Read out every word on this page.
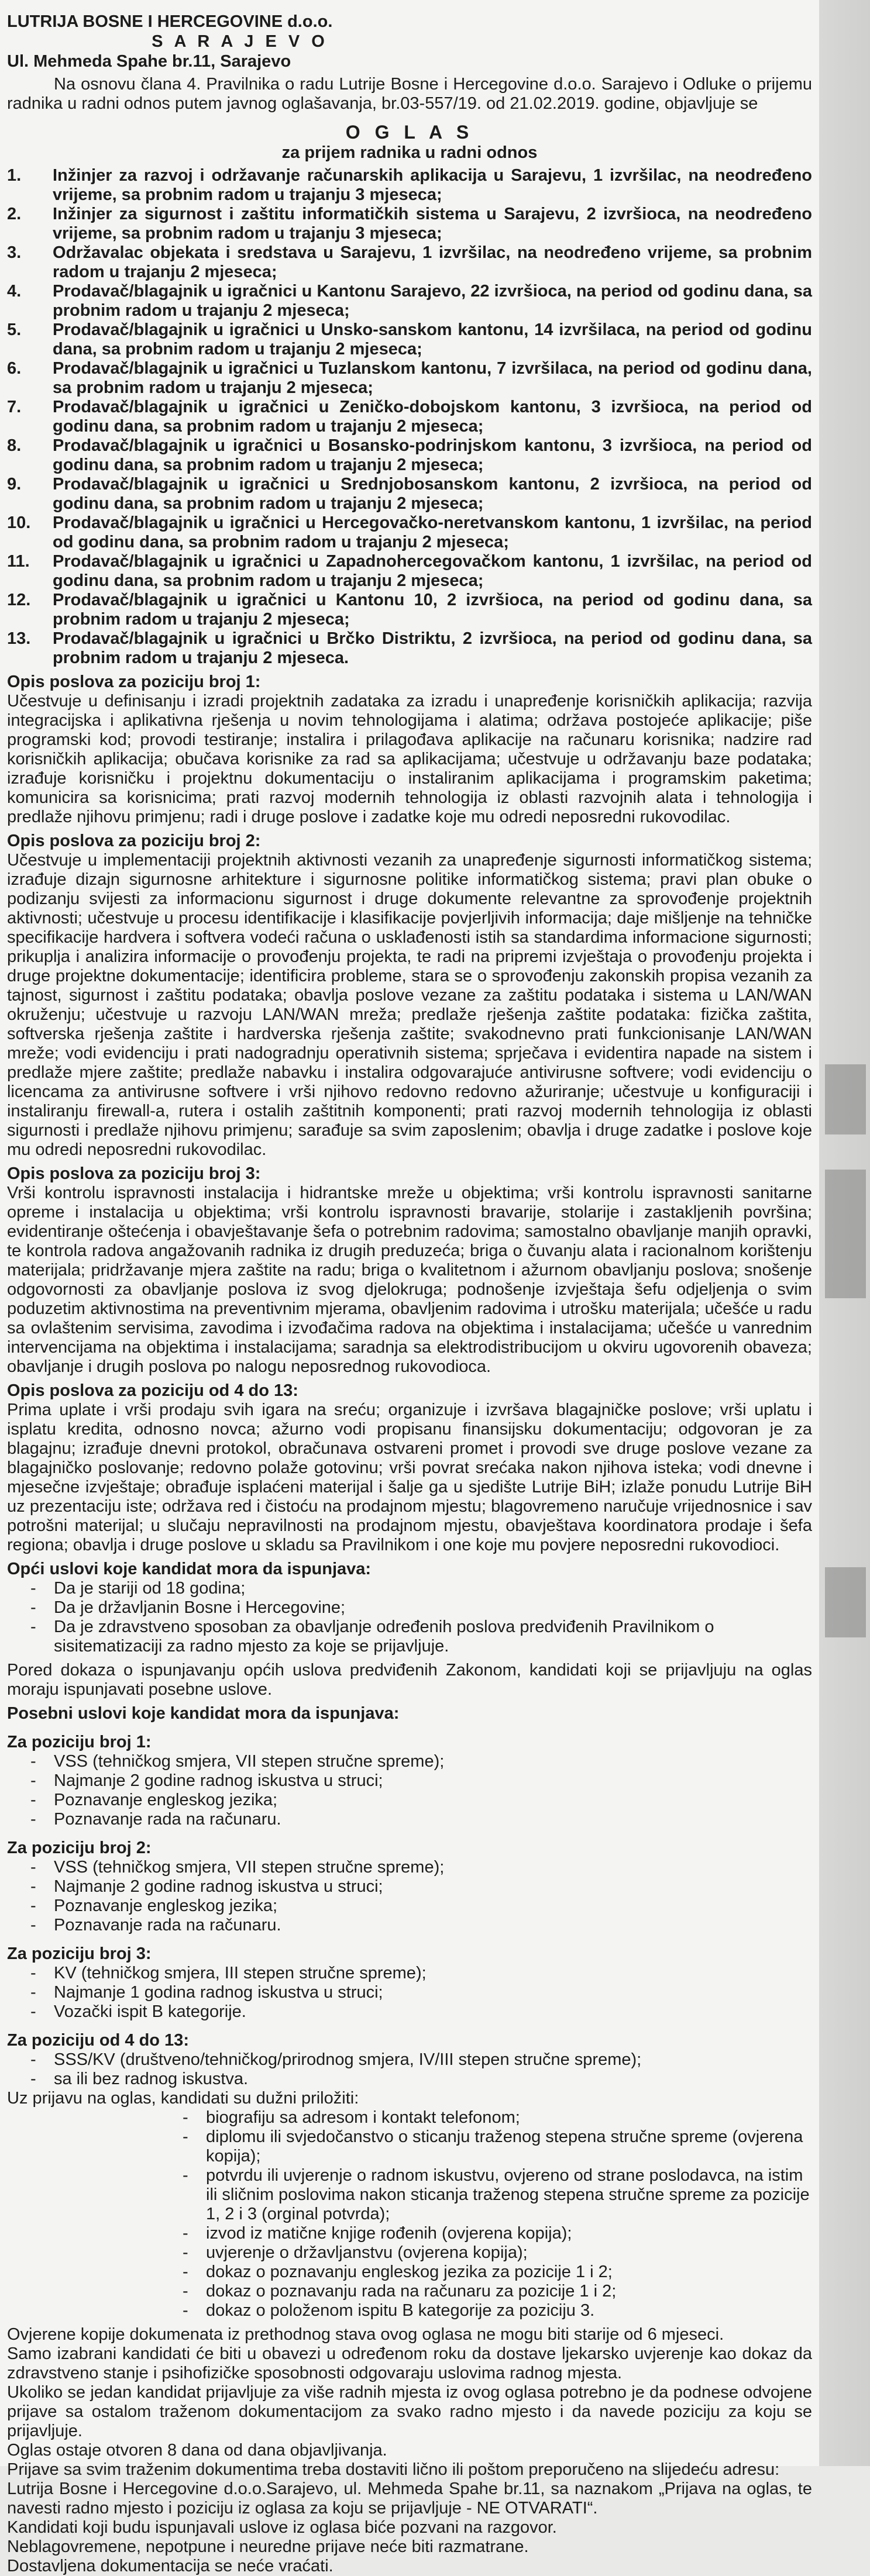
LUTRIJA BOSNE I HERCEGOVINE d.o.o.
S A R A J E V O
Ul. Mehmeda Spahe br.11, Sarajevo

Na osnovu člana 4. Pravilnika o radu Lutrije Bosne i Hercegovine d.o.o. Sarajevo i Odluke o prijemu radnika u radni odnos putem javnog oglašavanja, br.03-557/19. od 21.02.2019. godine, objavljuje se

O G L A S
za prijem radnika u radni odnos
1. Inžinjer za razvoj i održavanje računarskih aplikacija u Sarajevu, 1 izvršilac, na neodređeno vrijeme, sa probnim radom u trajanju 3 mjeseca;
2. Inžinjer za sigurnost i zaštitu informatičkih sistema u Sarajevu, 2 izvršioca, na neodređeno vrijeme, sa probnim radom u trajanju 3 mjeseca;
3. Održavalac objekata i sredstava u Sarajevu, 1 izvršilac, na neodređeno vrijeme, sa probnim radom u trajanju 2 mjeseca;
4. Prodavač/blagajnik u igračnici u Kantonu Sarajevo, 22 izvršioca, na period od godinu dana, sa probnim radom u trajanju 2 mjeseca;
5. Prodavač/blagajnik u igračnici u Unsko-sanskom kantonu, 14 izvršilaca, na period od godinu dana, sa probnim radom u trajanju 2 mjeseca;
6. Prodavač/blagajnik u igračnici u Tuzlanskom kantonu, 7 izvršilaca, na period od godinu dana, sa probnim radom u trajanju 2 mjeseca;
7. Prodavač/blagajnik u igračnici u Zeničko-dobojskom kantonu, 3 izvršioca, na period od godinu dana, sa probnim radom u trajanju 2 mjeseca;
8. Prodavač/blagajnik u igračnici u Bosansko-podrinjskom kantonu, 3 izvršioca, na period od godinu dana, sa probnim radom u trajanju 2 mjeseca;
9. Prodavač/blagajnik u igračnici u Srednjobosanskom kantonu, 2 izvršioca, na period od godinu dana, sa probnim radom u trajanju 2 mjeseca;
10. Prodavač/blagajnik u igračnici u Hercegovačko-neretvanskom kantonu, 1 izvršilac, na period od godinu dana, sa probnim radom u trajanju 2 mjeseca;
11. Prodavač/blagajnik u igračnici u Zapadnohercegovačkom kantonu, 1 izvršilac, na period od godinu dana, sa probnim radom u trajanju 2 mjeseca;
12. Prodavač/blagajnik u igračnici u Kantonu 10, 2 izvršioca, na period od godinu dana, sa probnim radom u trajanju 2 mjeseca;
13. Prodavač/blagajnik u igračnici u Brčko Distriktu, 2 izvršioca, na period od godinu dana, sa probnim radom u trajanju 2 mjeseca.
Opis poslova za poziciju broj 1:

Učestvuje u definisanju i izradi projektnih zadataka za izradu i unapređenje korisničkih aplikacija; razvija integracijska i aplikativna rješenja u novim tehnologijama i alatima; održava postojeće aplikacije; piše programski kod; provodi testiranje; instalira i prilagođava aplikacije na računaru korisnika; nadzire rad korisničkih aplikacija; obučava korisnike za rad sa aplikacijama; učestvuje u održavanju baze podataka; izrađuje korisničku i projektnu dokumentaciju o instaliranim aplikacijama i programskim paketima; komunicira sa korisnicima; prati razvoj modernih tehnologija iz oblasti razvojnih alata i tehnologija i predlaže njihovu primjenu; radi i druge poslove i zadatke koje mu odredi neposredni rukovodilac.

Opis poslova za poziciju broj 2:

Učestvuje u implementaciji projektnih aktivnosti vezanih za unapređenje sigurnosti informatičkog sistema; izrađuje dizajn sigurnosne arhitekture i sigurnosne politike informatičkog sistema; pravi plan obuke o podizanju svijesti za informacionu sigurnost i druge dokumente relevantne za sprovođenje projektnih aktivnosti; učestvuje u procesu identifikacije i klasifikacije povjerljivih informacija; daje mišljenje na tehničke specifikacije hardvera i softvera vodeći računa o usklađenosti istih sa standardima informacione sigurnosti; prikuplja i analizira informacije o provođenju projekta, te radi na pripremi izvještaja o provođenju projekta i druge projektne dokumentacije; identificira probleme, stara se o sprovođenju zakonskih propisa vezanih za tajnost, sigurnost i zaštitu podataka; obavlja poslove vezane za zaštitu podataka i sistema u LAN/WAN okruženju; učestvuje u razvoju LAN/WAN mreža; predlaže rješenja zaštite podataka: fizička zaštita, softverska rješenja zaštite i hardverska rješenja zaštite; svakodnevno prati funkcionisanje LAN/WAN mreže; vodi evidenciju i prati nadogradnju operativnih sistema; sprječava i evidentira napade na sistem i predlaže mjere zaštite; predlaže nabavku i instalira odgovarajuće antivirusne softvere; vodi evidenciju o licencama za antivirusne softvere i vrši njihovo redovno redovno ažuriranje; učestvuje u konfiguraciji i instaliranju firewall-a, rutera i ostalih zaštitnih komponenti; prati razvoj modernih tehnologija iz oblasti sigurnosti i predlaže njihovu primjenu; sarađuje sa svim zaposlenim; obavlja i druge zadatke i poslove koje mu odredi neposredni rukovodilac.

Opis poslova za poziciju broj 3:

Vrši kontrolu ispravnosti instalacija i hidrantske mreže u objektima; vrši kontrolu ispravnosti sanitarne opreme i instalacija u objektima; vrši kontrolu ispravnosti bravarije, stolarije i zastakljenih površina; evidentiranje oštećenja i obavještavanje šefa o potrebnim radovima; samostalno obavljanje manjih opravki, te kontrola radova angažovanih radnika iz drugih preduzeća; briga o čuvanju alata i racionalnom korištenju materijala; pridržavanje mjera zaštite na radu; briga o kvalitetnom i ažurnom obavljanju poslova; snošenje odgovornosti za obavljanje poslova iz svog djelokruga; podnošenje izvještaja šefu odjeljenja o svim poduzetim aktivnostima na preventivnim mjerama, obavljenim radovima i utrošku materijala; učešće u radu sa ovlaštenim servisima, zavodima i izvođačima radova na objektima i instalacijama; učešće u vanrednim intervencijama na objektima i instalacijama; saradnja sa elektrodistribucijom u okviru ugovorenih obaveza; obavljanje i drugih poslova po nalogu neposrednog rukovodioca.

Opis poslova za poziciju od 4 do 13:

Prima uplate i vrši prodaju svih igara na sreću; organizuje i izvršava blagajničke poslove; vrši uplatu i isplatu kredita, odnosno novca; ažurno vodi propisanu finansijsku dokumentaciju; odgovoran je za blagajnu; izrađuje dnevni protokol, obračunava ostvareni promet i provodi sve druge poslove vezane za blagajničko poslovanje; redovno polaže gotovinu; vrši povrat srećaka nakon njihova isteka; vodi dnevne i mjesečne izvještaje; obrađuje isplaćeni materijal i šalje ga u sjedište Lutrije BiH; izlaže ponudu Lutrije BiH uz prezentaciju iste; održava red i čistoću na prodajnom mjestu; blagovremeno naručuje vrijednosnice i sav potrošni materijal; u slučaju nepravilnosti na prodajnom mjestu, obavještava koordinatora prodaje i šefa regiona; obavlja i druge poslove u skladu sa Pravilnikom i one koje mu povjere neposredni rukovodioci.

Opći uslovi koje kandidat mora da ispunjava:
- Da je stariji od 18 godina;
- Da je državljanin Bosne i Hercegovine;
- Da je zdravstveno sposoban za obavljanje određenih poslova predviđenih Pravilnikom o sisitematizaciji za radno mjesto za koje se prijavljuje.

Pored dokaza o ispunjavanju općih uslova predviđenih Zakonom, kandidati koji se prijavljuju na oglas moraju ispunjavati posebne uslove.

Posebni uslovi koje kandidat mora da ispunjava:
Za poziciju broj 1:
- VSS (tehničkog smjera, VII stepen stručne spreme);
- Najmanje 2 godine radnog iskustva u struci;
- Poznavanje engleskog jezika;
- Poznavanje rada na računaru.
Za poziciju broj 2:
- VSS (tehničkog smjera, VII stepen stručne spreme);
- Najmanje 2 godine radnog iskustva u struci;
- Poznavanje engleskog jezika;
- Poznavanje rada na računaru.
Za poziciju broj 3:
- KV (tehničkog smjera, III stepen stručne spreme);
- Najmanje 1 godina radnog iskustva u struci;
- Vozački ispit B kategorije.
Za poziciju od 4 do 13:
- SSS/KV (društveno/tehničkog/prirodnog smjera, IV/III stepen stručne spreme);
- sa ili bez radnog iskustva.

Uz prijavu na oglas, kandidati su dužni priložiti:

- biografiju sa adresom i kontakt telefonom;
- diplomu ili svjedočanstvo o sticanju traženog stepena stručne spreme (ovjerena kopija);
- potvrdu ili uvjerenje o radnom iskustvu, ovjereno od strane poslodavca, na istim ili sličnim poslovima nakon sticanja traženog stepena stručne spreme za pozicije 1, 2 i 3 (orginal potvrda);
- izvod iz matične knjige rođenih (ovjerena kopija);
- uvjerenje o državljanstvu (ovjerena kopija);
- dokaz o poznavanju engleskog jezika za pozicije 1 i 2;
- dokaz o poznavanju rada na računaru za pozicije 1 i 2;
- dokaz o položenom ispitu B kategorije za poziciju 3.

Ovjerene kopije dokumenata iz prethodnog stava ovog oglasa ne mogu biti starije od 6 mjeseci.

Samo izabrani kandidati će biti u obavezi u određenom roku da dostave ljekarsko uvjerenje kao dokaz da zdravstveno stanje i psihofizičke sposobnosti odgovaraju uslovima radnog mjesta.

Ukoliko se jedan kandidat prijavljuje za više radnih mjesta iz ovog oglasa potrebno je da podnese odvojene prijave sa ostalom traženom dokumentacijom za svako radno mjesto i da navede poziciju za koju se prijavljuje.

Oglas ostaje otvoren 8 dana od dana objavljivanja.

Prijave sa svim traženim dokumentima treba dostaviti lično ili poštom preporučeno na slijedeću adresu:

Lutrija Bosne i Hercegovine d.o.o.Sarajevo, ul. Mehmeda Spahe br.11, sa naznakom „Prijava na oglas, te navesti radno mjesto i poziciju iz oglasa za koju se prijavljuje - NE OTVARATI“.

Kandidati koji budu ispunjavali uslove iz oglasa biće pozvani na razgovor.

Neblagovremene, nepotpune i neuredne prijave neće biti razmatrane.

Dostavljena dokumentacija se neće vraćati.
